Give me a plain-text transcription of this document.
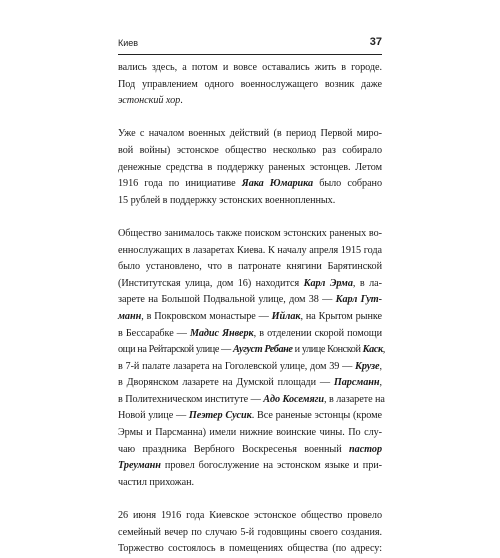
Киев	37
вались здесь, а потом и вовсе оставались жить в городе.
Под управлением одного военнослужащего возник даже
эстонский хор.
Уже с началом военных действий (в период Первой миро-
вой войны) эстонское общество несколько раз собирало
денежные средства в поддержку раненых эстонцев. Летом
1916 года по инициативе Яака Юмарика было собрано
15 рублей в поддержку эстонских военнопленных.
Общество занималось также поиском эстонских раненых во-
еннослужащих в лазаретах Киева. К началу апреля 1915 года
было установлено, что в патронате княгини Барятинской
(Институтская улица, дом 16) находится Карл Эрма, в ла-
зарете на Большой Подвальной улице, дом 38 — Карл Гут-
манн, в Покровском монастыре — Ийлак, на Крытом рынке
в Бессарабке — Мадис Янверк, в отделении скорой помощи
ощи на Рейтарской улице — Аугуст Ребане и улице Конской Каск,
в 7-й палате лазарета на Гоголевской улице, дом 39 — Крузе,
в Дворянском лазарете на Думской площади — Парсманн,
в Политехническом институте — Адо Косемяги, в лазарете на
Новой улице — Пеэтер Сусик. Все раненые эстонцы (кроме
Эрмы и Парсманна) имели нижние воинские чины. По слу-
чаю праздника Вербного Воскресенья военный пастор
Треуманн провел богослужение на эстонском языке и при-
частил прихожан.
26 июня 1916 года Киевское эстонское общество провело
семейный вечер по случаю 5-й годовщины своего создания.
Торжество состоялось в помещениях общества (по адресу:
